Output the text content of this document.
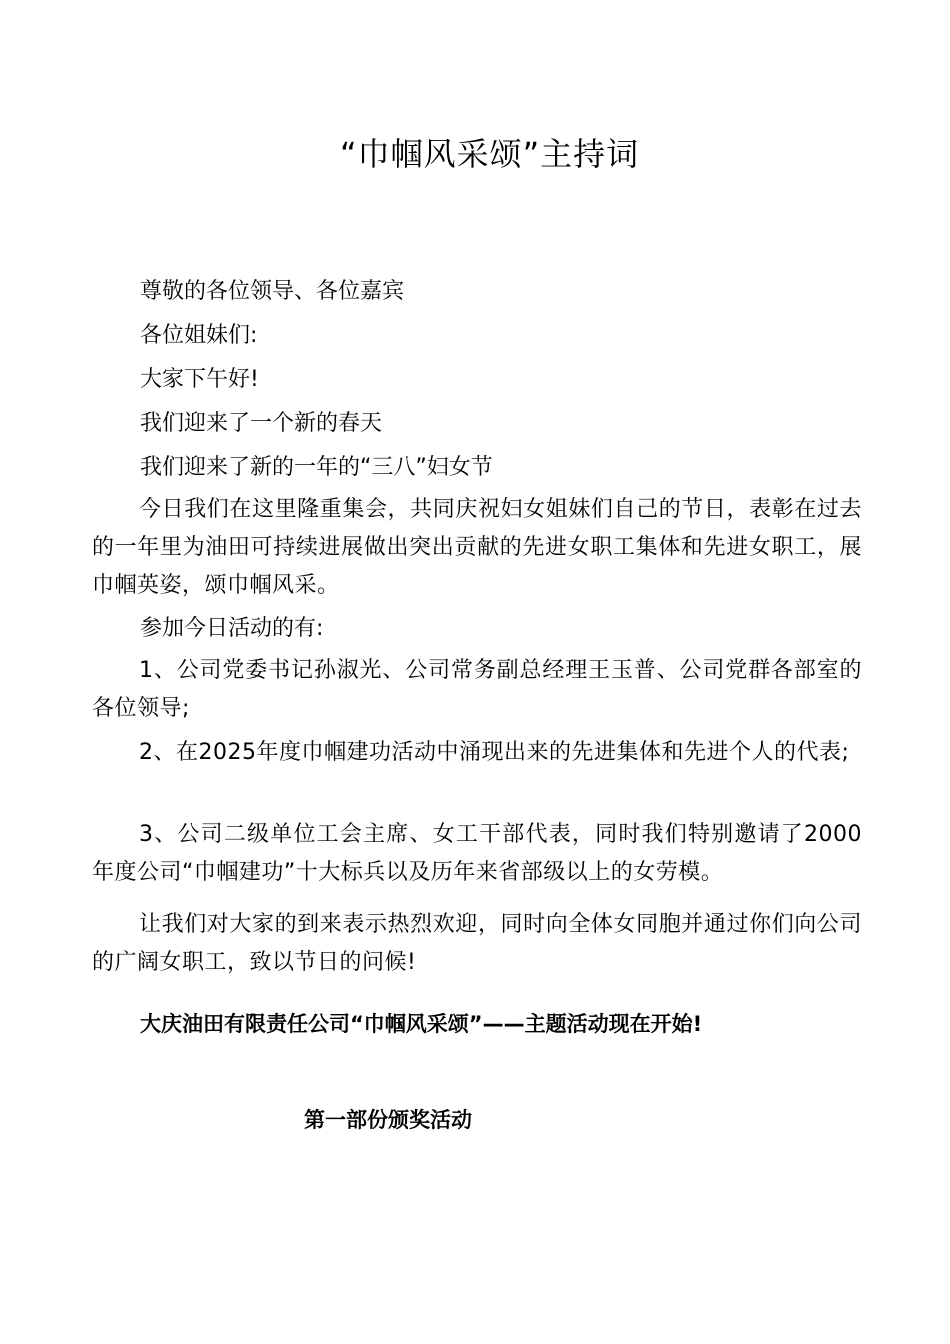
“巾帼风采颂”主持词
尊敬的各位领导、各位嘉宾
各位姐妹们:
大家下午好!
我们迎来了一个新的春天
我们迎来了新的一年的“三八”妇女节
今日我们在这里隆重集会，共同庆祝妇女姐妹们自己的节日，表彰在过去的一年里为油田可持续进展做出突出贡献的先进女职工集体和先进女职工，展巾帼英姿，颂巾帼风采。
参加今日活动的有:
1、公司党委书记孙淑光、公司常务副总经理王玉普、公司党群各部室的各位领导;
2、在2025年度巾帼建功活动中涌现出来的先进集体和先进个人的代表;
3、公司二级单位工会主席、女工干部代表，同时我们特别邀请了2000年度公司“巾帼建功”十大标兵以及历年来省部级以上的女劳模。
让我们对大家的到来表示热烈欢迎，同时向全体女同胞并通过你们向公司的广阔女职工，致以节日的问候!
大庆油田有限责任公司“巾帼风采颂”——主题活动现在开始!
第一部份颁奖活动
